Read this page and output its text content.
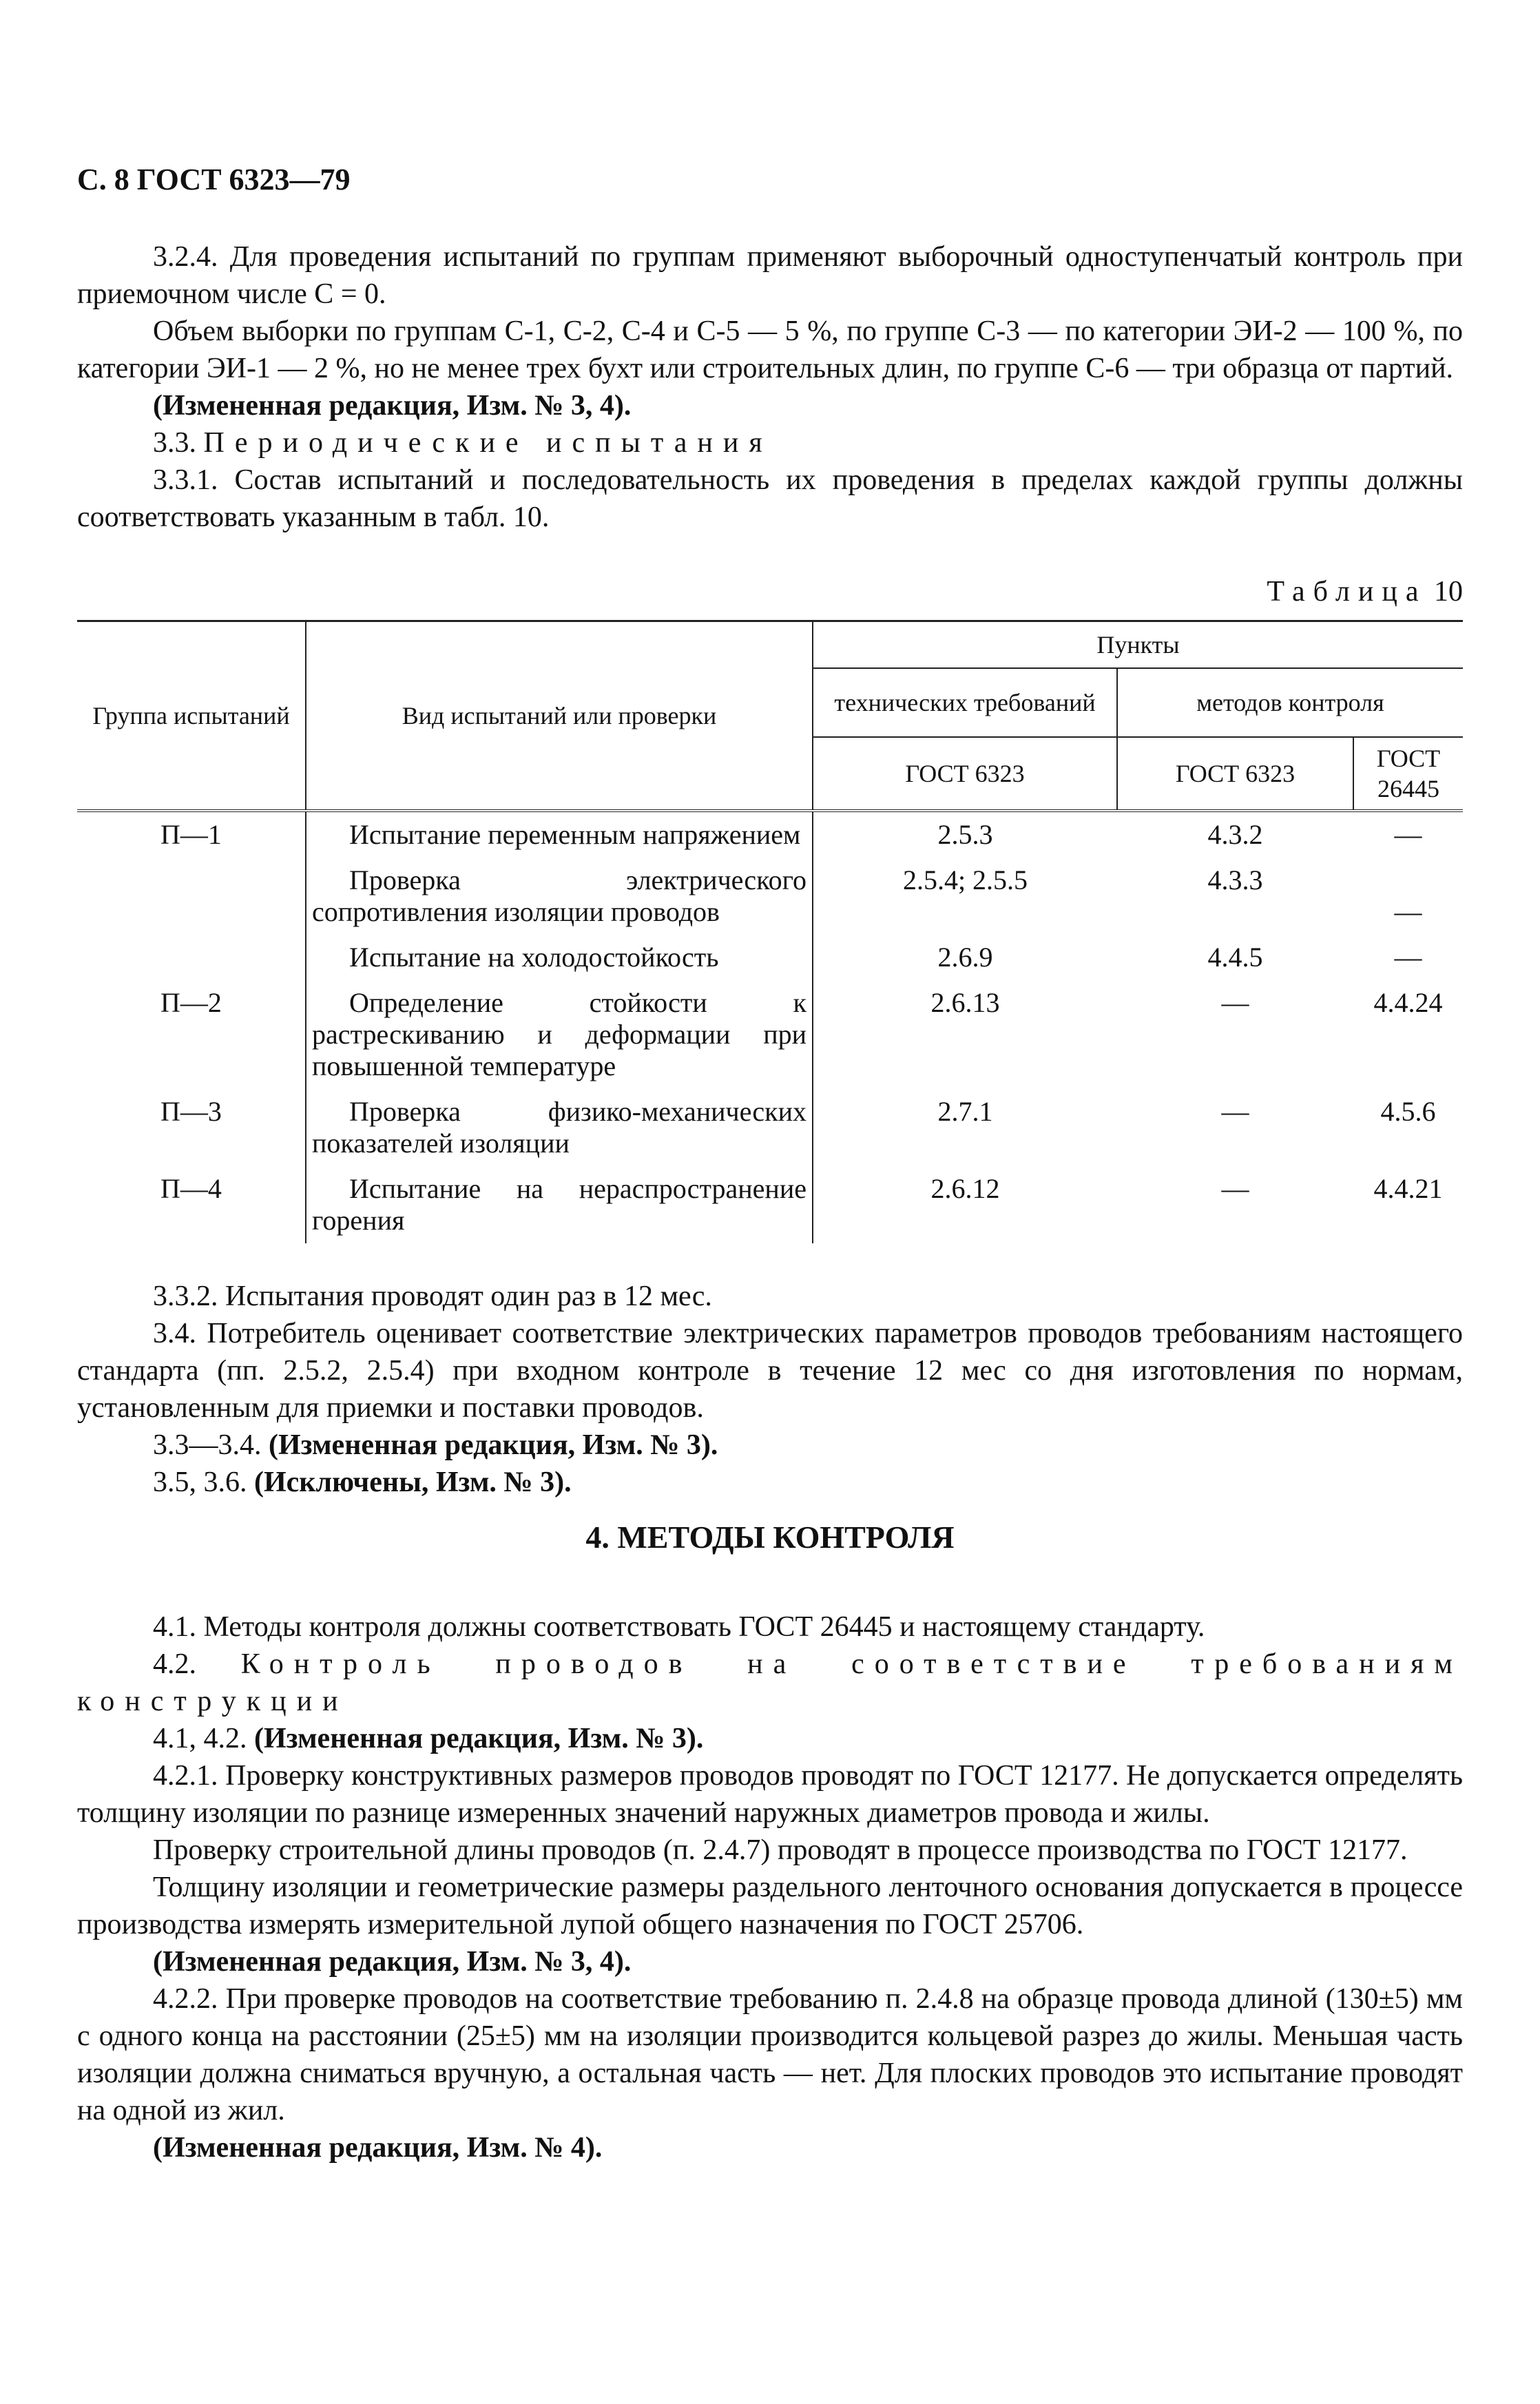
С. 8 ГОСТ 6323—79

3.2.4. Для проведения испытаний по группам применяют выборочный одноступенчатый контроль при приемочном числе С = 0.

Объем выборки по группам С-1, С-2, С-4 и С-5 — 5 %, по группе С-3 — по категории ЭИ-2 — 100 %, по категории ЭИ-1 — 2 %, но не менее трех бухт или строительных длин, по группе С-6 — три образца от партий.

(Измененная редакция, Изм. № 3, 4).

3.3. Периодические испытания

3.3.1. Состав испытаний и последовательность их проведения в пределах каждой группы должны соответствовать указанным в табл. 10.

Таблица 10
Группа испытаний	Вид испытаний или проверки	Пункты		
		технических требований	методов контроля	
		ГОСТ 6323	ГОСТ 6323	ГОСТ 26445
П—1	Испытание переменным напряжением	2.5.3	4.3.2	—
	Проверка электрического сопротивления изоляции проводов	2.5.4; 2.5.5	4.3.3	—
	Испытание на холодостойкость	2.6.9	4.4.5	—
П—2	Определение стойкости к растрескиванию и деформации при повышенной температуре	2.6.13	—	4.4.24
П—3	Проверка физико-механических показателей изоляции	2.7.1	—	4.5.6
П—4	Испытание на нераспространение горения	2.6.12	—	4.4.21

3.3.2. Испытания проводят один раз в 12 мес.

3.4. Потребитель оценивает соответствие электрических параметров проводов требованиям настоящего стандарта (пп. 2.5.2, 2.5.4) при входном контроле в течение 12 мес со дня изготовления по нормам, установленным для приемки и поставки проводов.

3.3—3.4. (Измененная редакция, Изм. № 3).

3.5, 3.6. (Исключены, Изм. № 3).

4. МЕТОДЫ КОНТРОЛЯ

4.1. Методы контроля должны соответствовать ГОСТ 26445 и настоящему стандарту.

4.2. Контроль проводов на соответствие требованиям конструкции

4.1, 4.2. (Измененная редакция, Изм. № 3).

4.2.1. Проверку конструктивных размеров проводов проводят по ГОСТ 12177. Не допускается определять толщину изоляции по разнице измеренных значений наружных диаметров провода и жилы.

Проверку строительной длины проводов (п. 2.4.7) проводят в процессе производства по ГОСТ 12177.

Толщину изоляции и геометрические размеры раздельного ленточного основания допускается в процессе производства измерять измерительной лупой общего назначения по ГОСТ 25706.

(Измененная редакция, Изм. № 3, 4).

4.2.2. При проверке проводов на соответствие требованию п. 2.4.8 на образце провода длиной (130±5) мм с одного конца на расстоянии (25±5) мм на изоляции производится кольцевой разрез до жилы. Меньшая часть изоляции должна сниматься вручную, а остальная часть — нет. Для плоских проводов это испытание проводят на одной из жил.

(Измененная редакция, Изм. № 4).
